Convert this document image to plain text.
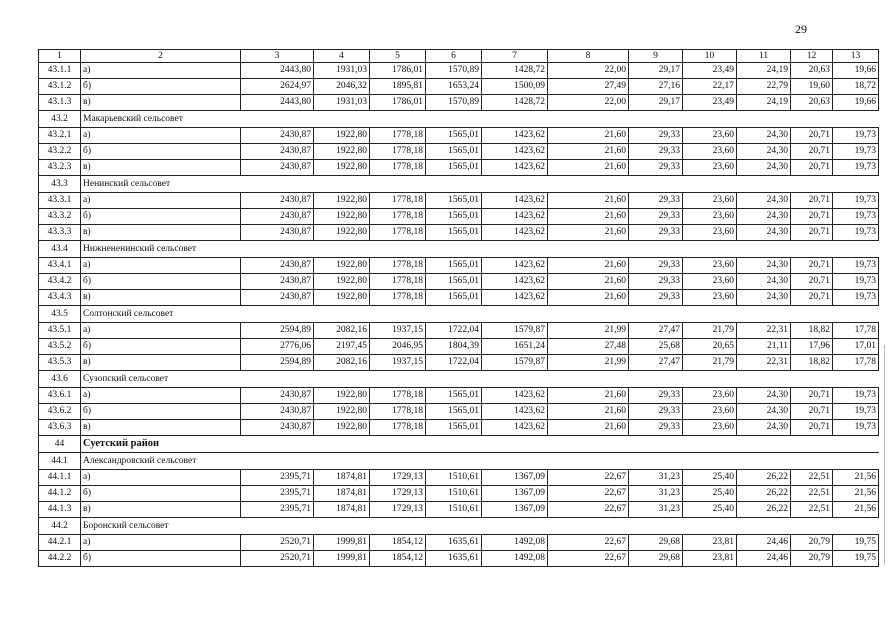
29
1	2	3	4	5	6	7	8	9	10	11	12	13
43.1.1	а)	2443,80	1931,03	1786,01	1570,89	1428,72	22,00	29,17	23,49	24,19	20,63	19,66
43.1.2	б)	2624,97	2046,32	1895,81	1653,24	1500,09	27,49	27,16	22,17	22,79	19,60	18,72
43.1.3	в)	2443,80	1931,03	1786,01	1570,89	1428,72	22,00	29,17	23,49	24,19	20,63	19,66
43.2	Макарьевский сельсовет											
43.2.1	а)	2430,87	1922,80	1778,18	1565,01	1423,62	21,60	29,33	23,60	24,30	20,71	19,73
43.2.2	б)	2430,87	1922,80	1778,18	1565,01	1423,62	21,60	29,33	23,60	24,30	20,71	19,73
43.2.3	в)	2430,87	1922,80	1778,18	1565,01	1423,62	21,60	29,33	23,60	24,30	20,71	19,73
43.3	Ненинский сельсовет											
43.3.1	а)	2430,87	1922,80	1778,18	1565,01	1423,62	21,60	29,33	23,60	24,30	20,71	19,73
43.3.2	б)	2430,87	1922,80	1778,18	1565,01	1423,62	21,60	29,33	23,60	24,30	20,71	19,73
43.3.3	в)	2430,87	1922,80	1778,18	1565,01	1423,62	21,60	29,33	23,60	24,30	20,71	19,73
43.4	Нижнененинский сельсовет											
43.4.1	а)	2430,87	1922,80	1778,18	1565,01	1423,62	21,60	29,33	23,60	24,30	20,71	19,73
43.4.2	б)	2430,87	1922,80	1778,18	1565,01	1423,62	21,60	29,33	23,60	24,30	20,71	19,73
43.4.3	в)	2430,87	1922,80	1778,18	1565,01	1423,62	21,60	29,33	23,60	24,30	20,71	19,73
43.5	Солтонский сельсовет											
43.5.1	а)	2594,89	2082,16	1937,15	1722,04	1579,87	21,99	27,47	21,79	22,31	18,82	17,78
43.5.2	б)	2776,06	2197,45	2046,95	1804,39	1651,24	27,48	25,68	20,65	21,11	17,96	17,01
43.5.3	в)	2594,89	2082,16	1937,15	1722,04	1579,87	21,99	27,47	21,79	22,31	18,82	17,78
43.6	Сузопский сельсовет											
43.6.1	а)	2430,87	1922,80	1778,18	1565,01	1423,62	21,60	29,33	23,60	24,30	20,71	19,73
43.6.2	б)	2430,87	1922,80	1778,18	1565,01	1423,62	21,60	29,33	23,60	24,30	20,71	19,73
43.6.3	в)	2430,87	1922,80	1778,18	1565,01	1423,62	21,60	29,33	23,60	24,30	20,71	19,73
44	Суетский район											
44.1	Александровский сельсовет											
44.1.1	а)	2395,71	1874,81	1729,13	1510,61	1367,09	22,67	31,23	25,40	26,22	22,51	21,56
44.1.2	б)	2395,71	1874,81	1729,13	1510,61	1367,09	22,67	31,23	25,40	26,22	22,51	21,56
44.1.3	в)	2395,71	1874,81	1729,13	1510,61	1367,09	22,67	31,23	25,40	26,22	22,51	21,56
44.2	Боронский сельсовет											
44.2.1	а)	2520,71	1999,81	1854,12	1635,61	1492,08	22,67	29,68	23,81	24,46	20,79	19,75
44.2.2	б)	2520,71	1999,81	1854,12	1635,61	1492,08	22,67	29,68	23,81	24,46	20,79	19,75
